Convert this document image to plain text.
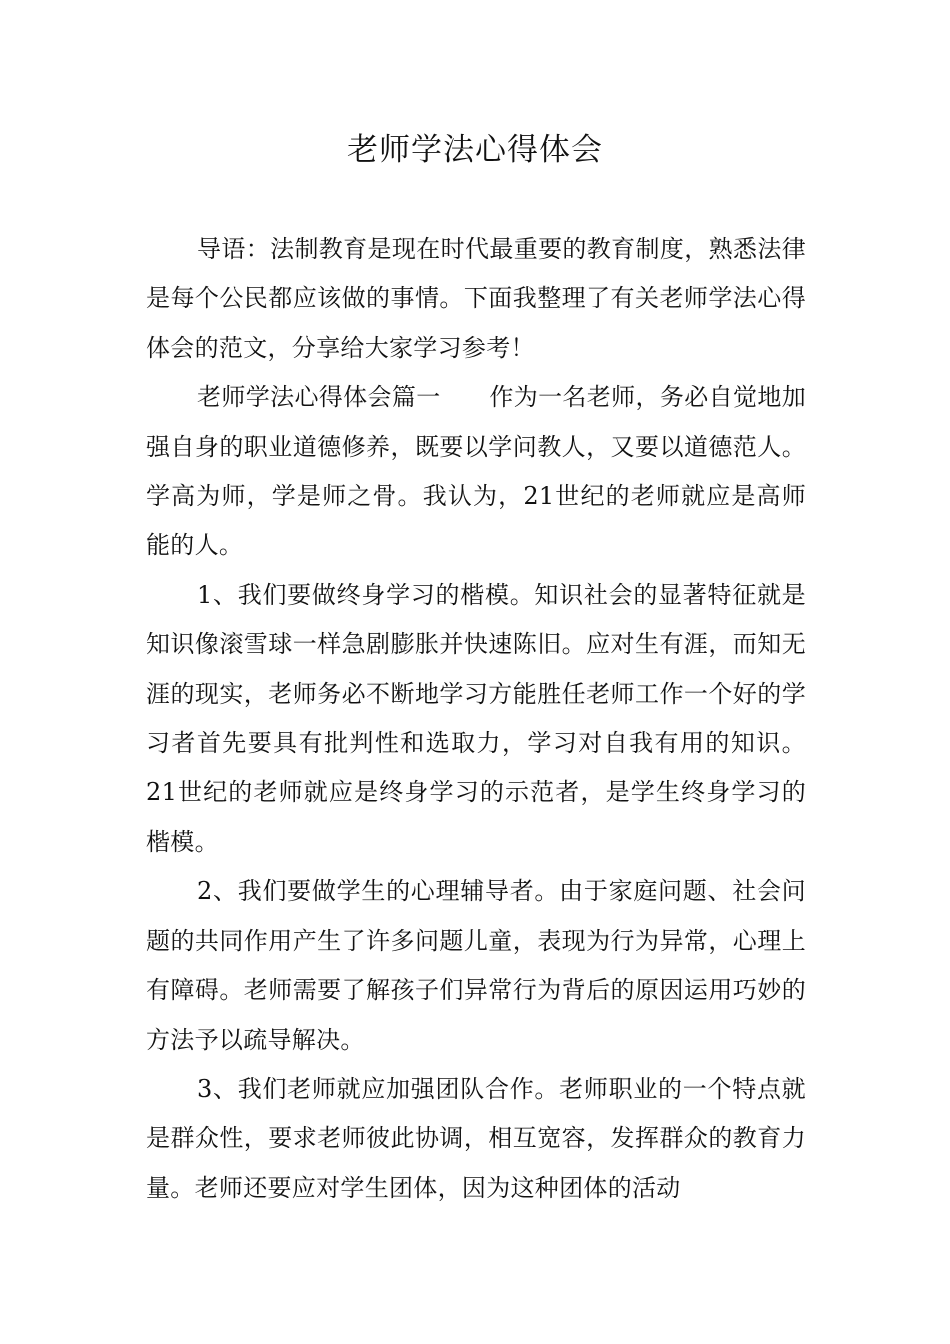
老师学法心得体会

导语：法制教育是现在时代最重要的教育制度，熟悉法律是每个公民都应该做的事情。下面我整理了有关老师学法心得体会的范文，分享给大家学习参考！

老师学法心得体会篇一　　作为一名老师，务必自觉地加强自身的职业道德修养，既要以学问教人，又要以道德范人。学高为师，学是师之骨。我认为，21世纪的老师就应是高师能的人。

1、我们要做终身学习的楷模。知识社会的显著特征就是知识像滚雪球一样急剧膨胀并快速陈旧。应对生有涯，而知无涯的现实，老师务必不断地学习方能胜任老师工作一个好的学习者首先要具有批判性和选取力，学习对自我有用的知识。21世纪的老师就应是终身学习的示范者，是学生终身学习的楷模。

2、我们要做学生的心理辅导者。由于家庭问题、社会问题的共同作用产生了许多问题儿童，表现为行为异常，心理上有障碍。老师需要了解孩子们异常行为背后的原因运用巧妙的方法予以疏导解决。

3、我们老师就应加强团队合作。老师职业的一个特点就是群众性，要求老师彼此协调，相互宽容，发挥群众的教育力量。老师还要应对学生团体，因为这种团体的活动
